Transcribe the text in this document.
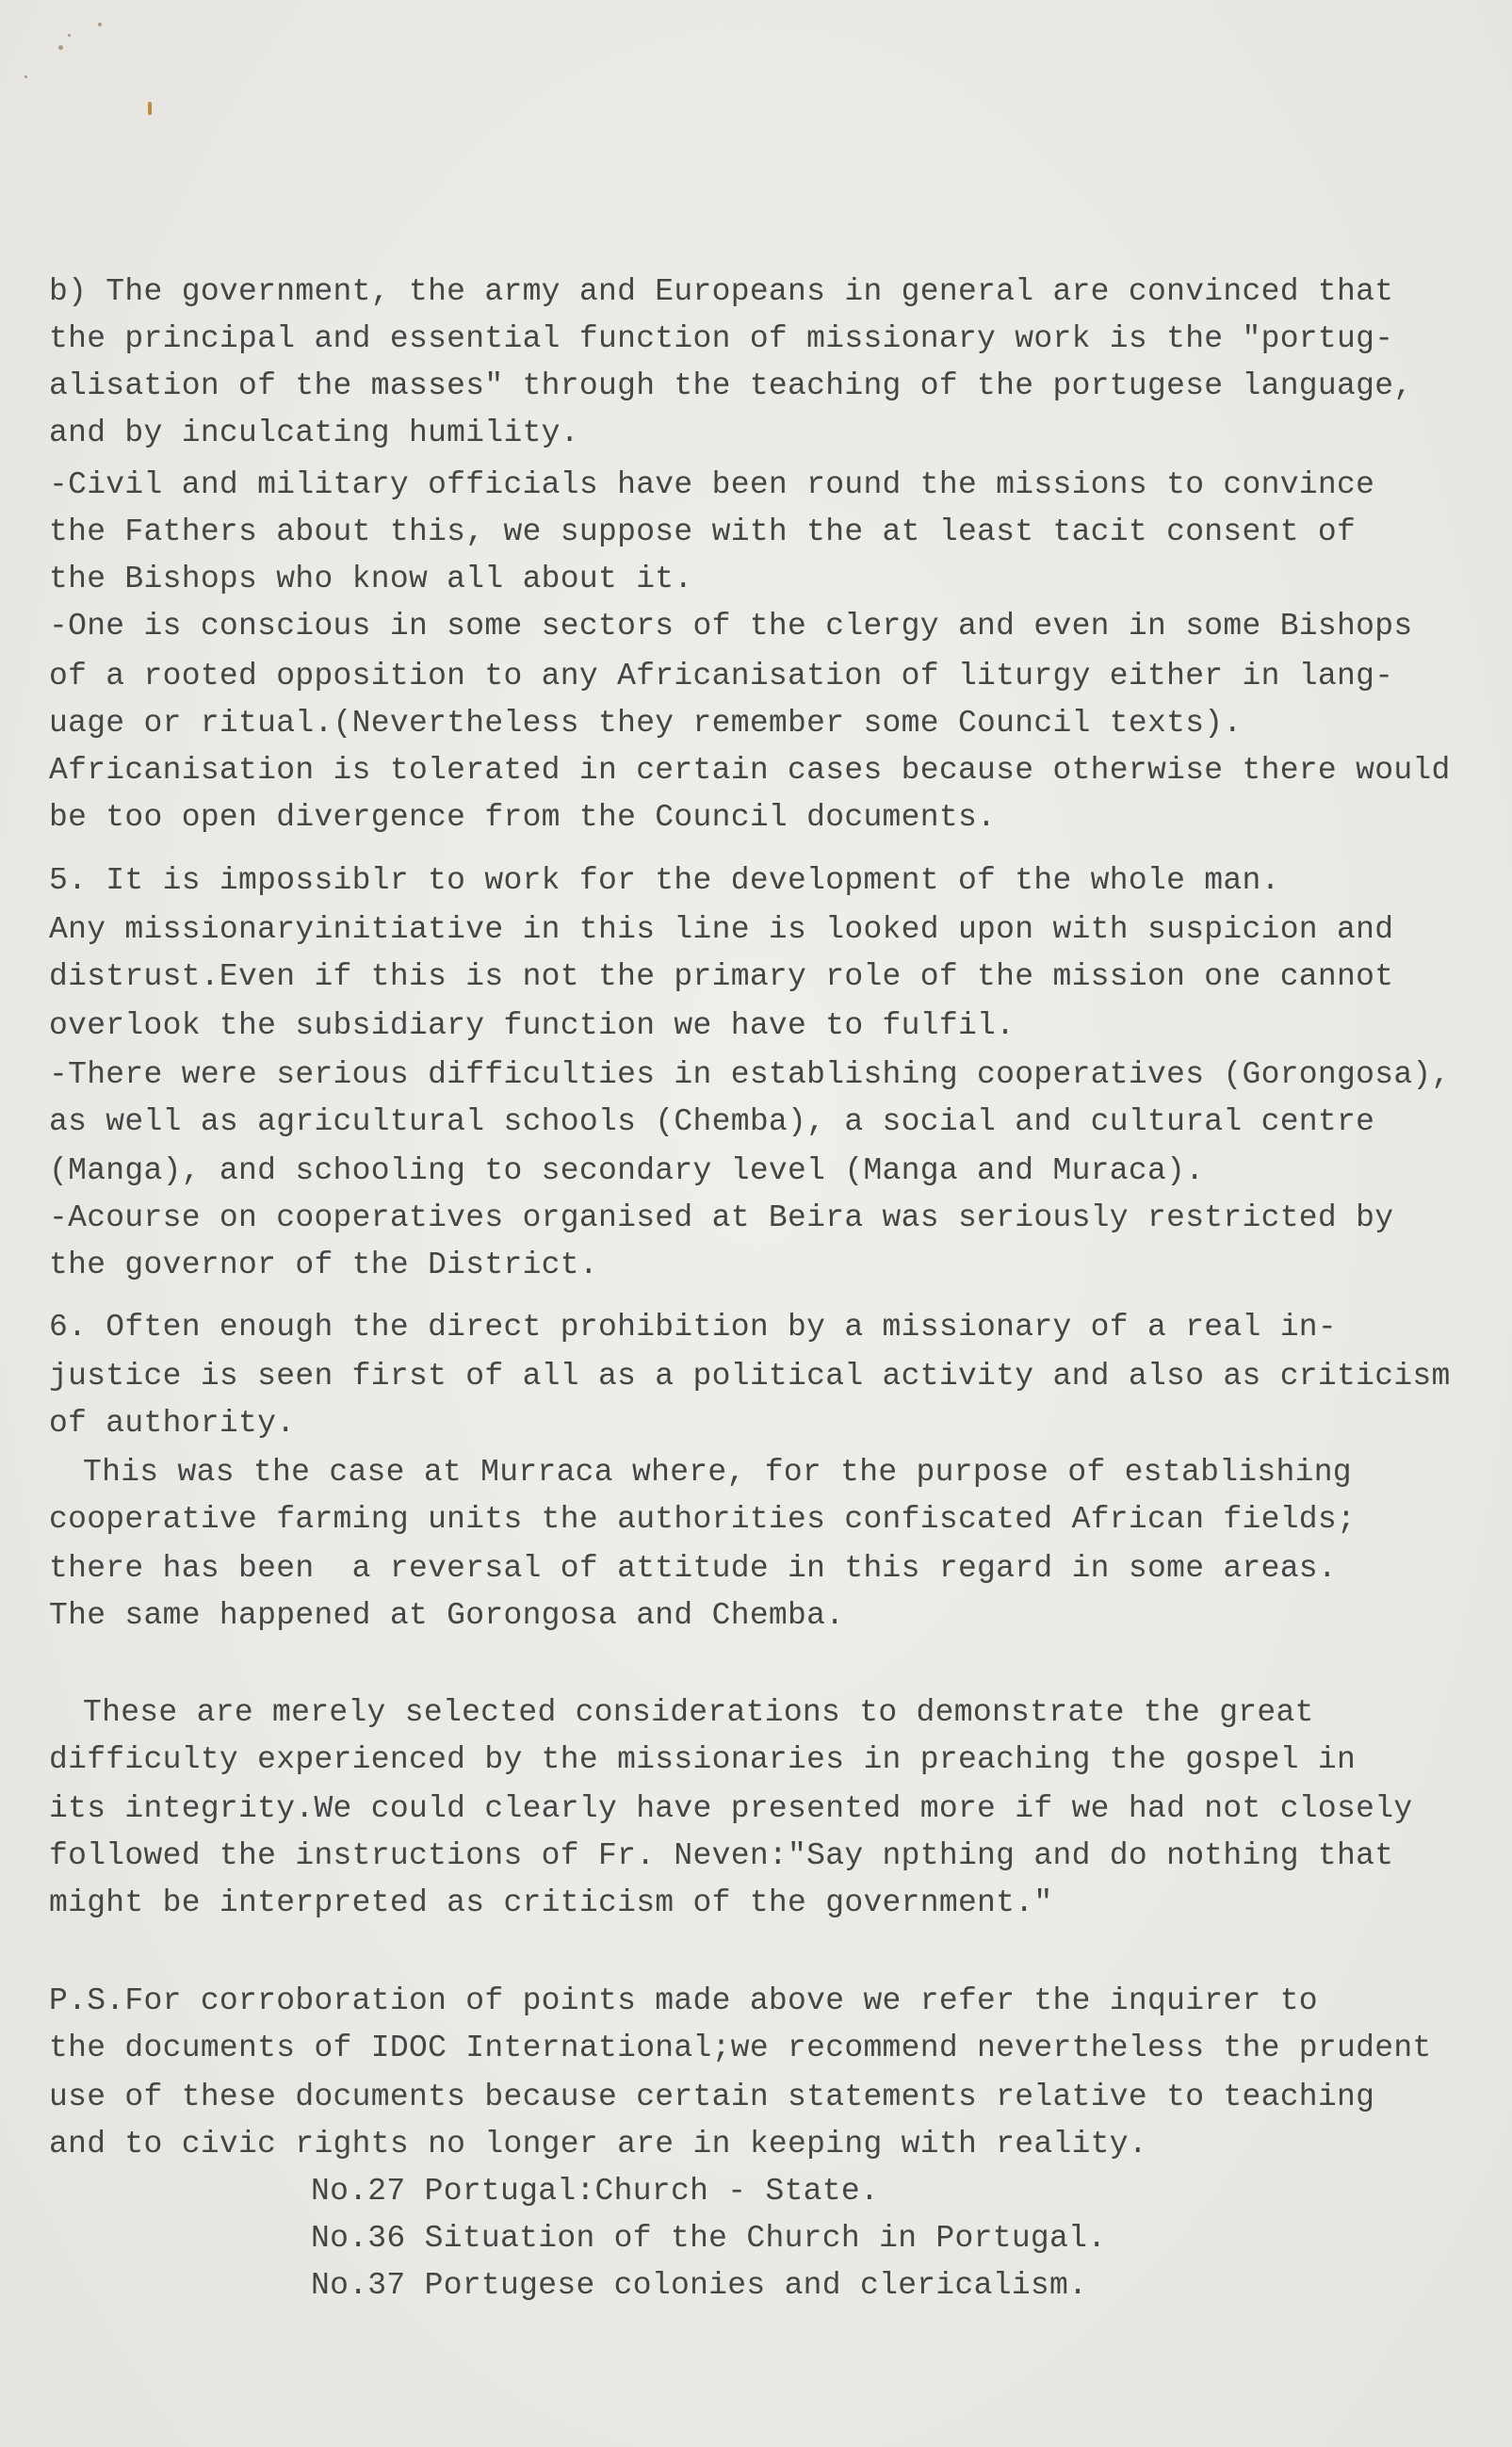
b) The government, the army and Europeans in general are convinced that
the principal and essential function of missionary work is the "portug-
alisation of the masses" through the teaching of the portugese language,
and by inculcating humility.
-Civil and military officials have been round the missions to convince
the Fathers about this, we suppose with the at least tacit consent of
the Bishops who know all about it.
-One is conscious in some sectors of the clergy and even in some Bishops
of a rooted opposition to any Africanisation of liturgy either in lang-
uage or ritual.(Nevertheless they remember some Council texts).
Africanisation is tolerated in certain cases because otherwise there would
be too open divergence from the Council documents.
5. It is impossiblr to work for the development of the whole man.
Any missionaryinitiative in this line is looked upon with suspicion and
distrust.Even if this is not the primary role of the mission one cannot
overlook the subsidiary function we have to fulfil.
-There were serious difficulties in establishing cooperatives (Gorongosa),
as well as agricultural schools (Chemba), a social and cultural centre
(Manga), and schooling to secondary level (Manga and Muraca).
-Acourse on cooperatives organised at Beira was seriously restricted by
the governor of the District.
6. Often enough the direct prohibition by a missionary of a real in-
justice is seen first of all as a political activity and also as criticism
of authority.
This was the case at Murraca where, for the purpose of establishing
cooperative farming units the authorities confiscated African fields;
there has been  a reversal of attitude in this regard in some areas.
The same happened at Gorongosa and Chemba.
These are merely selected considerations to demonstrate the great
difficulty experienced by the missionaries in preaching the gospel in
its integrity.We could clearly have presented more if we had not closely
followed the instructions of Fr. Neven:"Say npthing and do nothing that
might be interpreted as criticism of the government."
P.S.For corroboration of points made above we refer the inquirer to
the documents of IDOC International;we recommend nevertheless the prudent
use of these documents because certain statements relative to teaching
and to civic rights no longer are in keeping with reality.
No.27 Portugal:Church - State.
No.36 Situation of the Church in Portugal.
No.37 Portugese colonies and clericalism.
